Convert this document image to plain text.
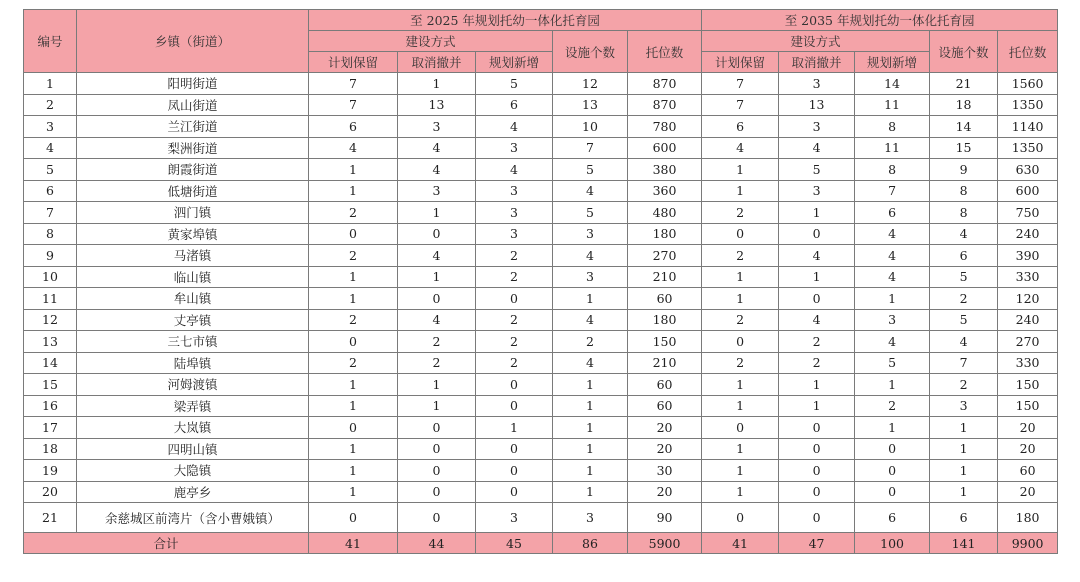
编号	乡镇（街道）	至 2025 年规划托幼一体化托育园					至 2035 年规划托幼一体化托育园				
		建设方式			设施个数	托位数	建设方式			设施个数	托位数
		计划保留	取消撤并	规划新增			计划保留	取消撤并	规划新增		
1	阳明街道	7	1	5	12	870	7	3	14	21	1560
2	凤山街道	7	13	6	13	870	7	13	11	18	1350
3	兰江街道	6	3	4	10	780	6	3	8	14	1140
4	梨洲街道	4	4	3	7	600	4	4	11	15	1350
5	朗霞街道	1	4	4	5	380	1	5	8	9	630
6	低塘街道	1	3	3	4	360	1	3	7	8	600
7	泗门镇	2	1	3	5	480	2	1	6	8	750
8	黄家埠镇	0	0	3	3	180	0	0	4	4	240
9	马渚镇	2	4	2	4	270	2	4	4	6	390
10	临山镇	1	1	2	3	210	1	1	4	5	330
11	牟山镇	1	0	0	1	60	1	0	1	2	120
12	丈亭镇	2	4	2	4	180	2	4	3	5	240
13	三七市镇	0	2	2	2	150	0	2	4	4	270
14	陆埠镇	2	2	2	4	210	2	2	5	7	330
15	河姆渡镇	1	1	0	1	60	1	1	1	2	150
16	梁弄镇	1	1	0	1	60	1	1	2	3	150
17	大岚镇	0	0	1	1	20	0	0	1	1	20
18	四明山镇	1	0	0	1	20	1	0	0	1	20
19	大隐镇	1	0	0	1	30	1	0	0	1	60
20	鹿亭乡	1	0	0	1	20	1	0	0	1	20
21	余慈城区前湾片（含小曹娥镇）	0	0	3	3	90	0	0	6	6	180
合计		41	44	45	86	5900	41	47	100	141	9900
